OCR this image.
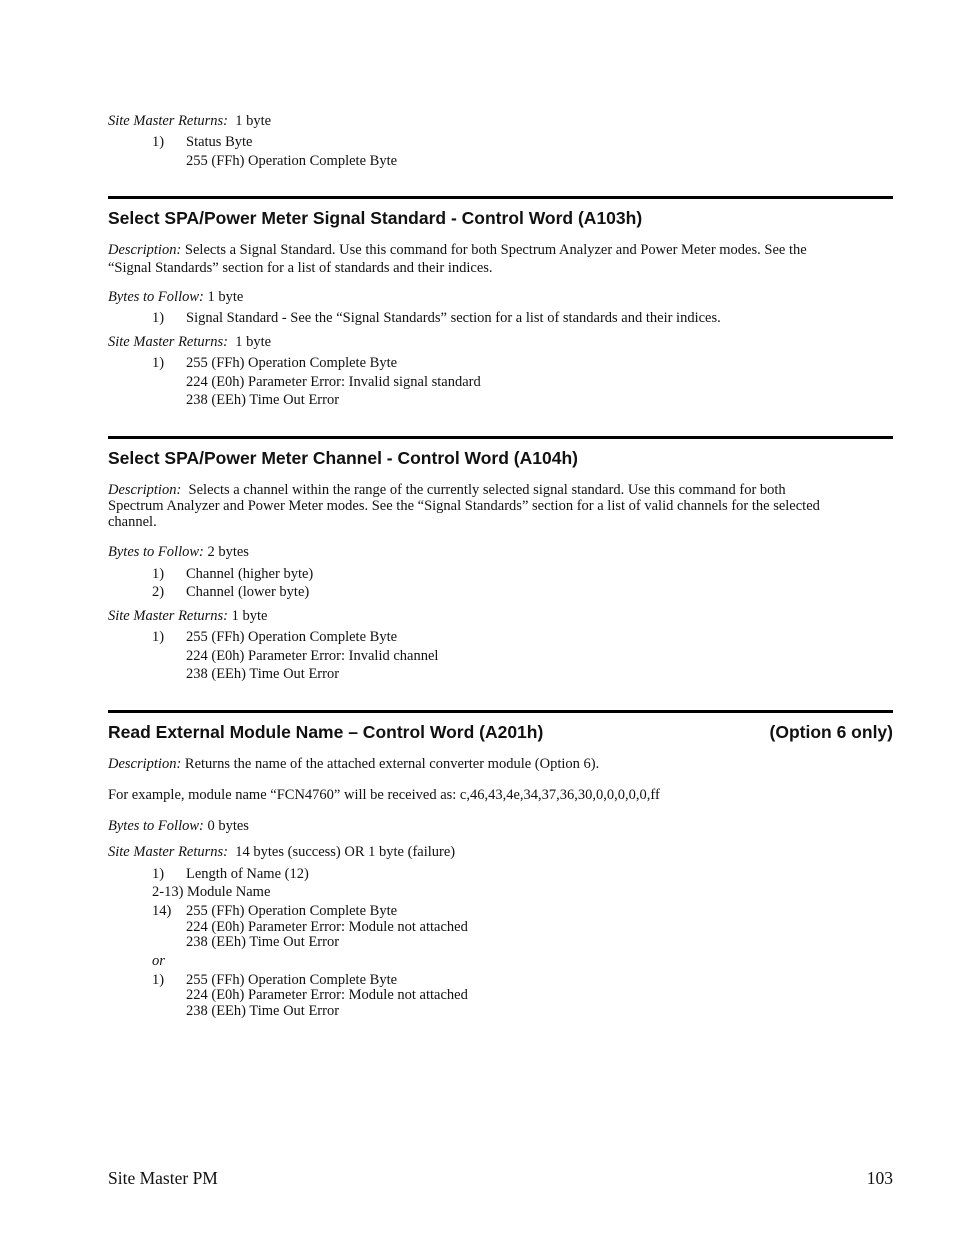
Site Master Returns: 1 byte
1) Status Byte
255 (FFh) Operation Complete Byte
Select SPA/Power Meter Signal Standard - Control Word (A103h)
Description: Selects a Signal Standard. Use this command for both Spectrum Analyzer and Power Meter modes. See the
“Signal Standards” section for a list of standards and their indices.
Bytes to Follow: 1 byte
1) Signal Standard - See the “Signal Standards” section for a list of standards and their indices.
Site Master Returns: 1 byte
1) 255 (FFh) Operation Complete Byte
224 (E0h) Parameter Error: Invalid signal standard
238 (EEh) Time Out Error
Select SPA/Power Meter Channel - Control Word (A104h)
Description: Selects a channel within the range of the currently selected signal standard. Use this command for both
Spectrum Analyzer and Power Meter modes. See the “Signal Standards” section for a list of valid channels for the selected
channel.
Bytes to Follow: 2 bytes
1) Channel (higher byte)
2) Channel (lower byte)
Site Master Returns: 1 byte
1) 255 (FFh) Operation Complete Byte
224 (E0h) Parameter Error: Invalid channel
238 (EEh) Time Out Error
Read External Module Name – Control Word (A201h)	(Option 6 only)
Description: Returns the name of the attached external converter module (Option 6).
For example, module name “FCN4760” will be received as: c,46,43,4e,34,37,36,30,0,0,0,0,0,ff
Bytes to Follow: 0 bytes
Site Master Returns: 14 bytes (success) OR 1 byte (failure)
1) Length of Name (12)
2-13) Module Name
14) 255 (FFh) Operation Complete Byte
224 (E0h) Parameter Error: Module not attached
238 (EEh) Time Out Error
or
1) 255 (FFh) Operation Complete Byte
224 (E0h) Parameter Error: Module not attached
238 (EEh) Time Out Error
Site Master PM	103
